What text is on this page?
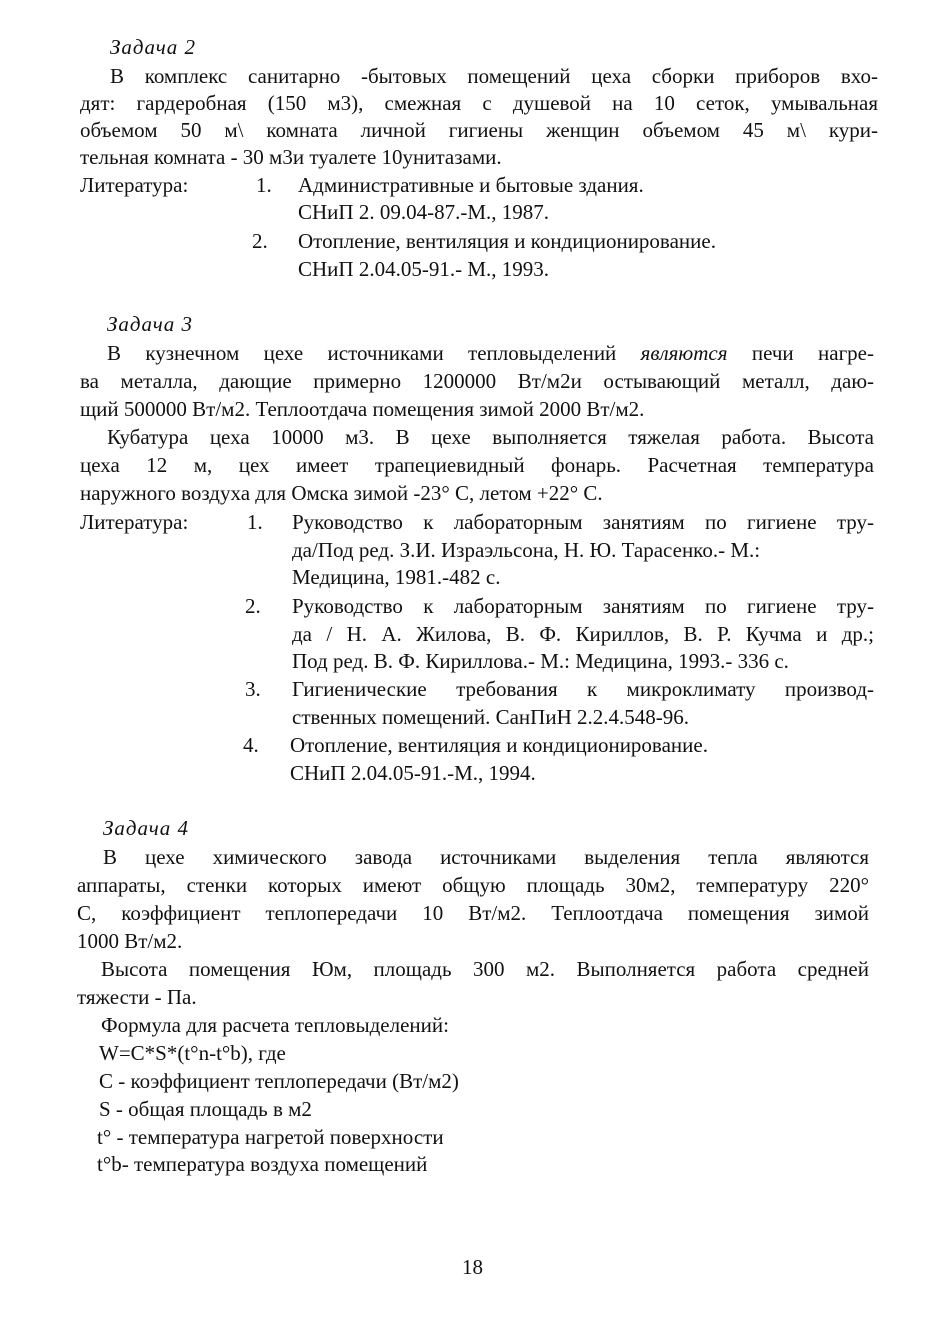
Задача 2
В комплекс санитарно -бытовых помещений цеха сборки приборов вхо-
дят: гардеробная (150 м3), смежная с душевой на 10 сеток, умывальная
объемом 50 м\ комната личной гигиены женщин объемом 45 м\ кури-
тельная комната - 30 м3и туалете 10унитазами.
Литература:	1. Административные и бытовые здания.
СНиП 2. 09.04-87.-М., 1987.
2. Отопление, вентиляция и кондиционирование.
СНиП 2.04.05-91.- М., 1993.
Задача 3
В кузнечном цехе источниками тепловыделений являются печи нагре-
ва металла, дающие примерно 1200000 Вт/м2и остывающий металл, даю-
щий 500000 Вт/м2. Теплоотдача помещения зимой 2000 Вт/м2.
Кубатура цеха 10000 м3. В цехе выполняется тяжелая работа. Высота
цеха 12 м, цех имеет трапециевидный фонарь. Расчетная температура
наружного воздуха для Омска зимой -23° С, летом +22° С.
Литература:	1. Руководство к лабораторным занятиям по гигиене тру-
да/Под ред. З.И. Израэльсона, Н. Ю. Тарасенко.- М.:
Медицина, 1981.-482 с.
2. Руководство к лабораторным занятиям по гигиене тру-
да / Н. А. Жилова, В. Ф. Кириллов, В. Р. Кучма и др.;
Под ред. В. Ф. Кириллова.- М.: Медицина, 1993.- 336 с.
3. Гигиенические требования к микроклимату производ-
ственных помещений. СанПиН 2.2.4.548-96.
4. Отопление, вентиляция и кондиционирование.
СНиП 2.04.05-91.-М., 1994.
Задача 4
В цехе химического завода источниками выделения тепла являются
аппараты, стенки которых имеют общую площадь 30м2, температуру 220°
С, коэффициент теплопередачи 10 Вт/м2. Теплоотдача помещения зимой
1000 Вт/м2.
Высота помещения Юм, площадь 300 м2. Выполняется работа средней
тяжести - Па.
Формула для расчета тепловыделений:
W=С*S*(t°n-t°b), где
С - коэффициент теплопередачи (Вт/м2)
S - общая площадь в м2
t° - температура нагретой поверхности
t°b- температура воздуха помещений
18
